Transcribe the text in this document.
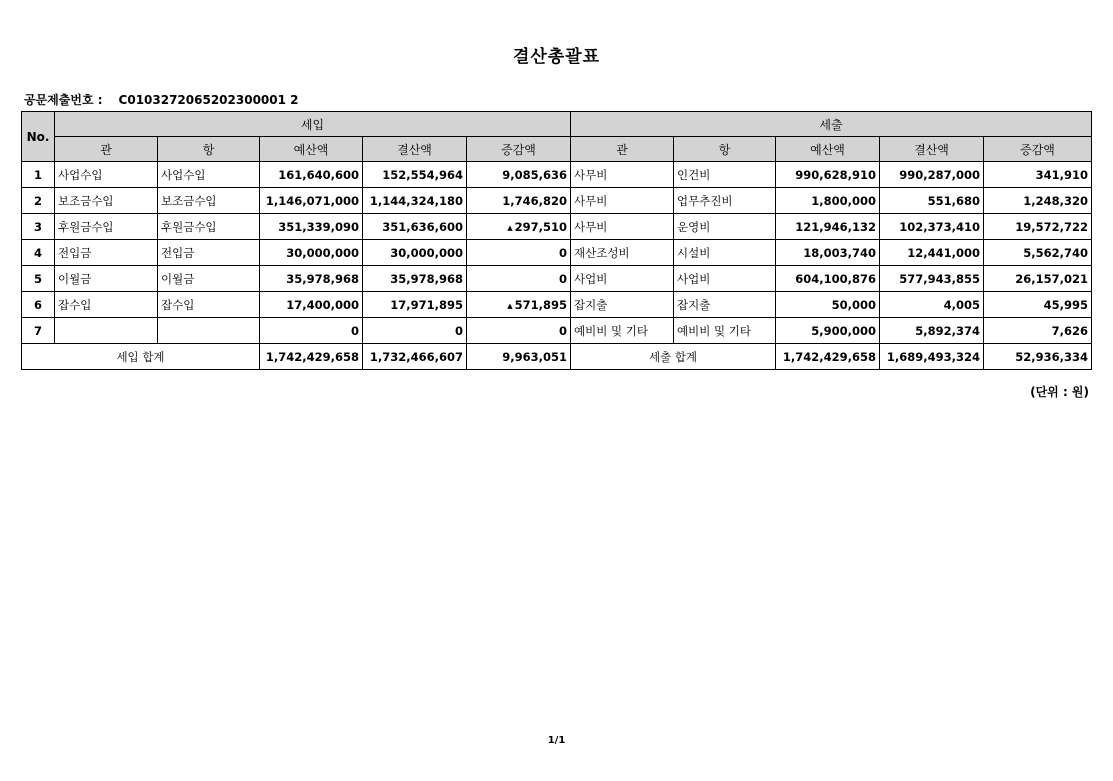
결산총괄표
공문제출번호 : C0103272065202300001 2
No.	세입					세출				
	관	항	예산액	결산액	증감액	관	항	예산액	결산액	증감액
1	사업수입	사업수입	161,640,600	152,554,964	9,085,636	사무비	인건비	990,628,910	990,287,000	341,910
2	보조금수입	보조금수입	1,146,071,000	1,144,324,180	1,746,820	사무비	업무추진비	1,800,000	551,680	1,248,320
3	후원금수입	후원금수입	351,339,090	351,636,600	▲ 297,510	사무비	운영비	121,946,132	102,373,410	19,572,722
4	전입금	전입금	30,000,000	30,000,000	0	재산조성비	시설비	18,003,740	12,441,000	5,562,740
5	이월금	이월금	35,978,968	35,978,968	0	사업비	사업비	604,100,876	577,943,855	26,157,021
6	잡수입	잡수입	17,400,000	17,971,895	▲ 571,895	잡지출	잡지출	50,000	4,005	45,995
7			0	0	0	예비비 및 기타	예비비 및 기타	5,900,000	5,892,374	7,626
세입 합계			1,742,429,658	1,732,466,607	9,963,051	세출 합계		1,742,429,658	1,689,493,324	52,936,334
(단위 : 원)
1/1
